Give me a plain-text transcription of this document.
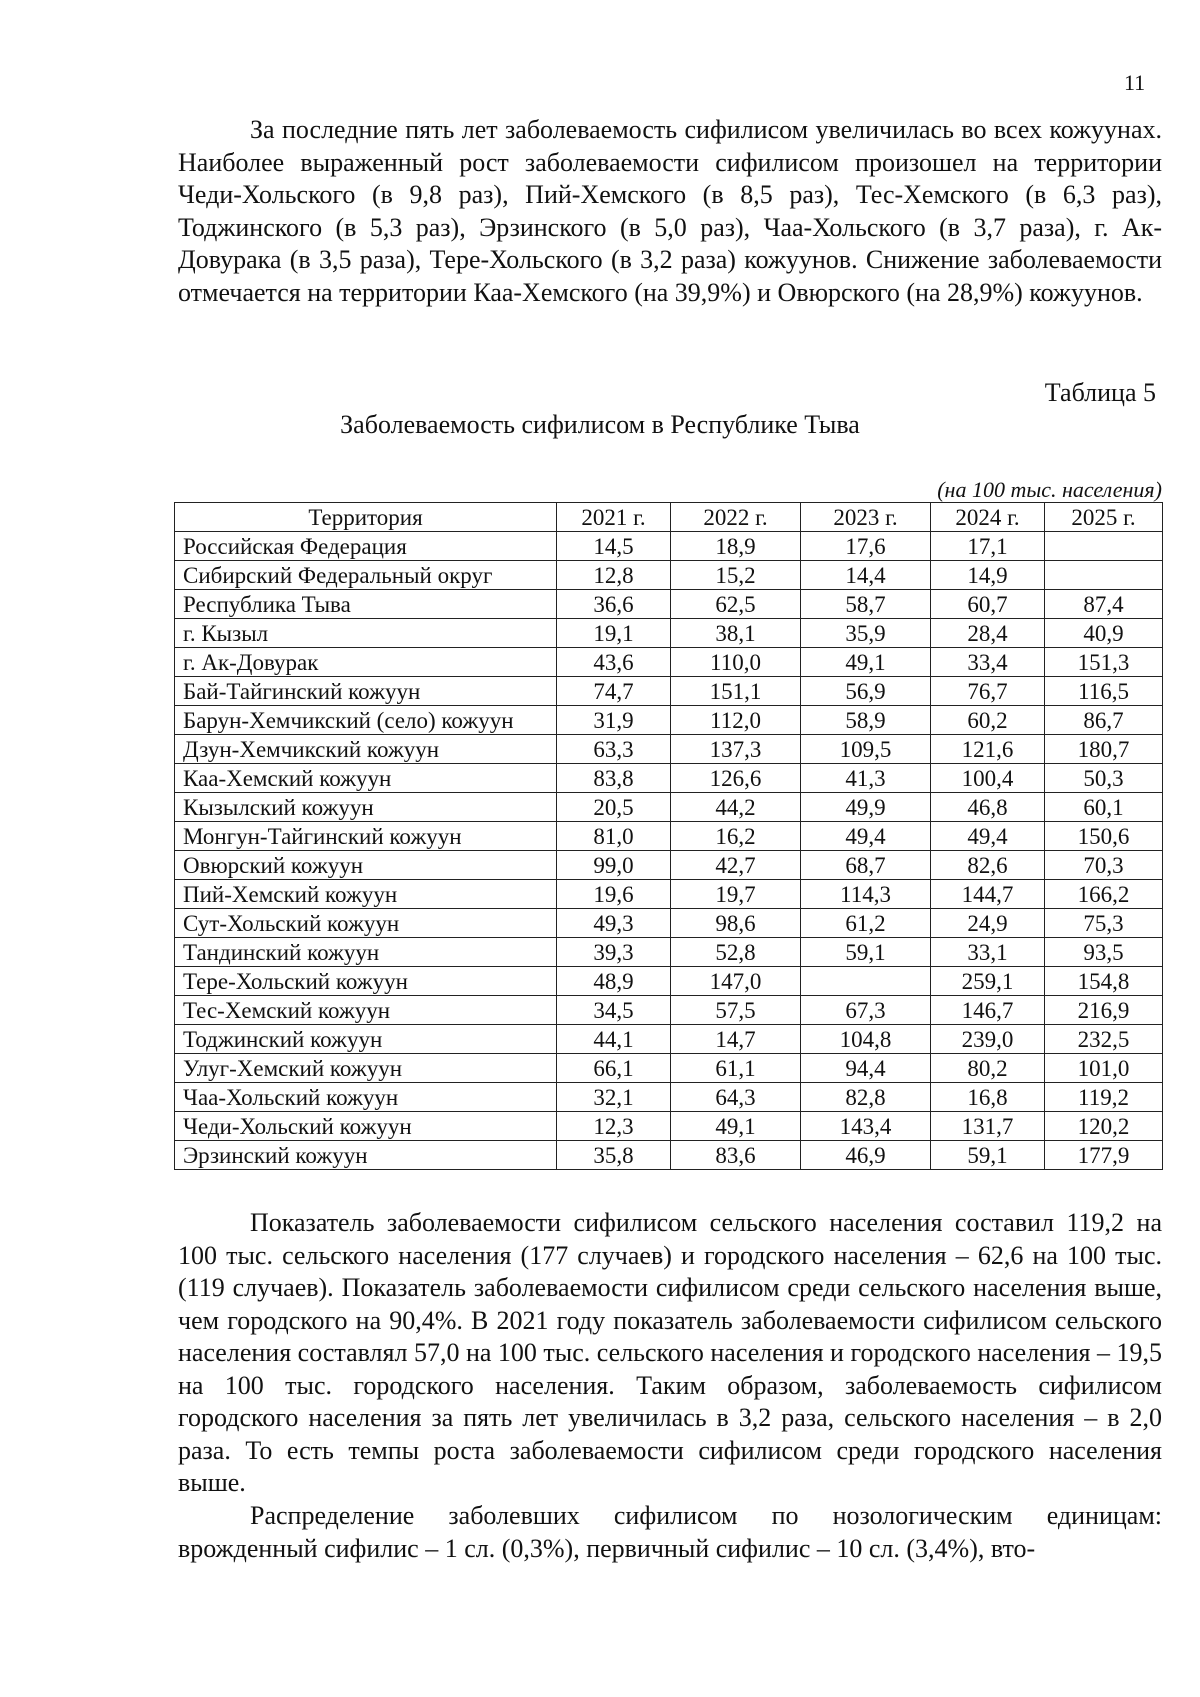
11

За последние пять лет заболеваемость сифилисом увеличилась во всех кожуунах. Наиболее выраженный рост заболеваемости сифилисом произошел на территории Чеди-Хольского (в 9,8 раз), Пий-Хемского (в 8,5 раз), Тес-Хемского (в 6,3 раз), Тоджинского (в 5,3 раз), Эрзинского (в 5,0 раз), Чаа-Хольского (в 3,7 раза), г. Ак-Довурака (в 3,5 раза), Тере-Хольского (в 3,2 раза) кожуунов. Снижение заболеваемости отмечается на территории Каа-Хемского (на 39,9%) и Овюрского (на 28,9%) кожуунов.

Таблица 5
Заболеваемость сифилисом в Республике Тыва
(на 100 тыс. населения)
Территория	2021 г.	2022 г.	2023 г.	2024 г.	2025 г.
Российская Федерация	14,5	18,9	17,6	17,1	
Сибирский Федеральный округ	12,8	15,2	14,4	14,9	
Республика Тыва	36,6	62,5	58,7	60,7	87,4
г. Кызыл	19,1	38,1	35,9	28,4	40,9
г. Ак-Довурак	43,6	110,0	49,1	33,4	151,3
Бай-Тайгинский кожуун	74,7	151,1	56,9	76,7	116,5
Барун-Хемчикский (село) кожуун	31,9	112,0	58,9	60,2	86,7
Дзун-Хемчикский кожуун	63,3	137,3	109,5	121,6	180,7
Каа-Хемский кожуун	83,8	126,6	41,3	100,4	50,3
Кызылский кожуун	20,5	44,2	49,9	46,8	60,1
Монгун-Тайгинский кожуун	81,0	16,2	49,4	49,4	150,6
Овюрский кожуун	99,0	42,7	68,7	82,6	70,3
Пий-Хемский кожуун	19,6	19,7	114,3	144,7	166,2
Сут-Хольский кожуун	49,3	98,6	61,2	24,9	75,3
Тандинский кожуун	39,3	52,8	59,1	33,1	93,5
Тере-Хольский кожуун	48,9	147,0		259,1	154,8
Тес-Хемский кожуун	34,5	57,5	67,3	146,7	216,9
Тоджинский кожуун	44,1	14,7	104,8	239,0	232,5
Улуг-Хемский кожуун	66,1	61,1	94,4	80,2	101,0
Чаа-Хольский кожуун	32,1	64,3	82,8	16,8	119,2
Чеди-Хольский кожуун	12,3	49,1	143,4	131,7	120,2
Эрзинский кожуун	35,8	83,6	46,9	59,1	177,9

Показатель заболеваемости сифилисом сельского населения составил 119,2 на 100 тыс. сельского населения (177 случаев) и городского населения – 62,6 на 100 тыс. (119 случаев). Показатель заболеваемости сифилисом среди сельского населения выше, чем городского на 90,4%. В 2021 году показатель заболеваемости сифилисом сельского населения составлял 57,0 на 100 тыс. сельского населения и городского населения – 19,5 на 100 тыс. городского населения. Таким образом, заболеваемость сифилисом городского населения за пять лет увеличилась в 3,2 раза, сельского населения – в 2,0 раза. То есть темпы роста заболеваемости сифилисом среди городского населения выше.

Распределение заболевших сифилисом по нозологическим единицам: врожденный сифилис – 1 сл. (0,3%), первичный сифилис – 10 сл. (3,4%), вто-
